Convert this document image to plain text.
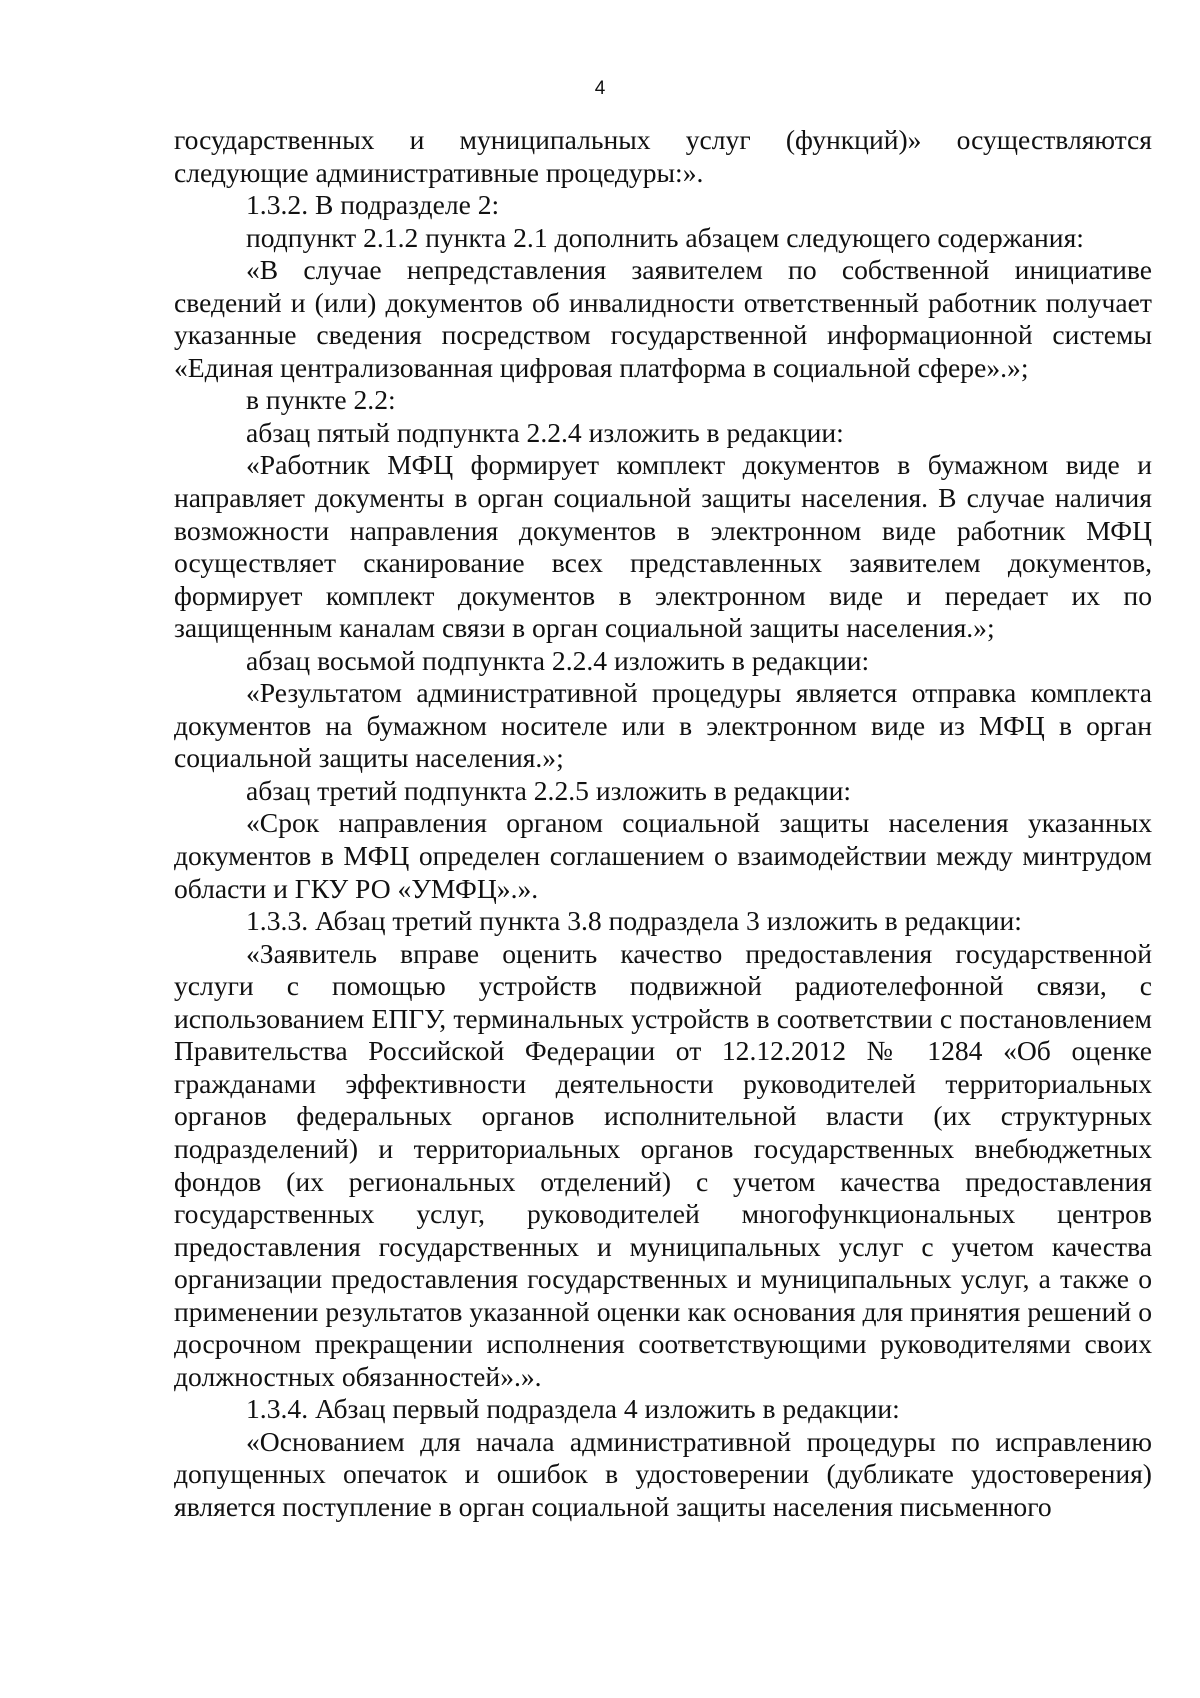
4

государственных и муниципальных услуг (функций)» осуществляются следующие административные процедуры:».

1.3.2. В подразделе 2:

подпункт 2.1.2 пункта 2.1 дополнить абзацем следующего содержания:

«В случае непредставления заявителем по собственной инициативе сведений и (или) документов об инвалидности ответственный работник получает указанные сведения посредством государственной информационной системы «Единая централизованная цифровая платформа в социальной сфере».»;

в пункте 2.2:

абзац пятый подпункта 2.2.4 изложить в редакции:

«Работник МФЦ формирует комплект документов в бумажном виде и направляет документы в орган социальной защиты населения. В случае наличия возможности направления документов в электронном виде работник МФЦ осуществляет сканирование всех представленных заявителем документов, формирует комплект документов в электронном виде и передает их по защищенным каналам связи в орган социальной защиты населения.»;

абзац восьмой подпункта 2.2.4 изложить в редакции:

«Результатом административной процедуры является отправка комплекта документов на бумажном носителе или в электронном виде из МФЦ в орган социальной защиты населения.»;

абзац третий подпункта 2.2.5 изложить в редакции:

«Срок направления органом социальной защиты населения указанных документов в МФЦ определен соглашением о взаимодействии между минтрудом области и ГКУ РО «УМФЦ».».

1.3.3. Абзац третий пункта 3.8 подраздела 3 изложить в редакции:

«Заявитель вправе оценить качество предоставления государственной услуги с помощью устройств подвижной радиотелефонной связи, с использованием ЕПГУ, терминальных устройств в соответствии с постановлением Правительства Российской Федерации от 12.12.2012 № 1284 «Об оценке гражданами эффективности деятельности руководителей территориальных органов федеральных органов исполнительной власти (их структурных подразделений) и территориальных органов государственных внебюджетных фондов (их региональных отделений) с учетом качества предоставления государственных услуг, руководителей многофункциональных центров предоставления государственных и муниципальных услуг с учетом качества организации предоставления государственных и муниципальных услуг, а также о применении результатов указанной оценки как основания для принятия решений о досрочном прекращении исполнения соответствующими руководителями своих должностных обязанностей».».

1.3.4. Абзац первый подраздела 4 изложить в редакции:

«Основанием для начала административной процедуры по исправлению допущенных опечаток и ошибок в удостоверении (дубликате удостоверения) является поступление в орган социальной защиты населения письменного
